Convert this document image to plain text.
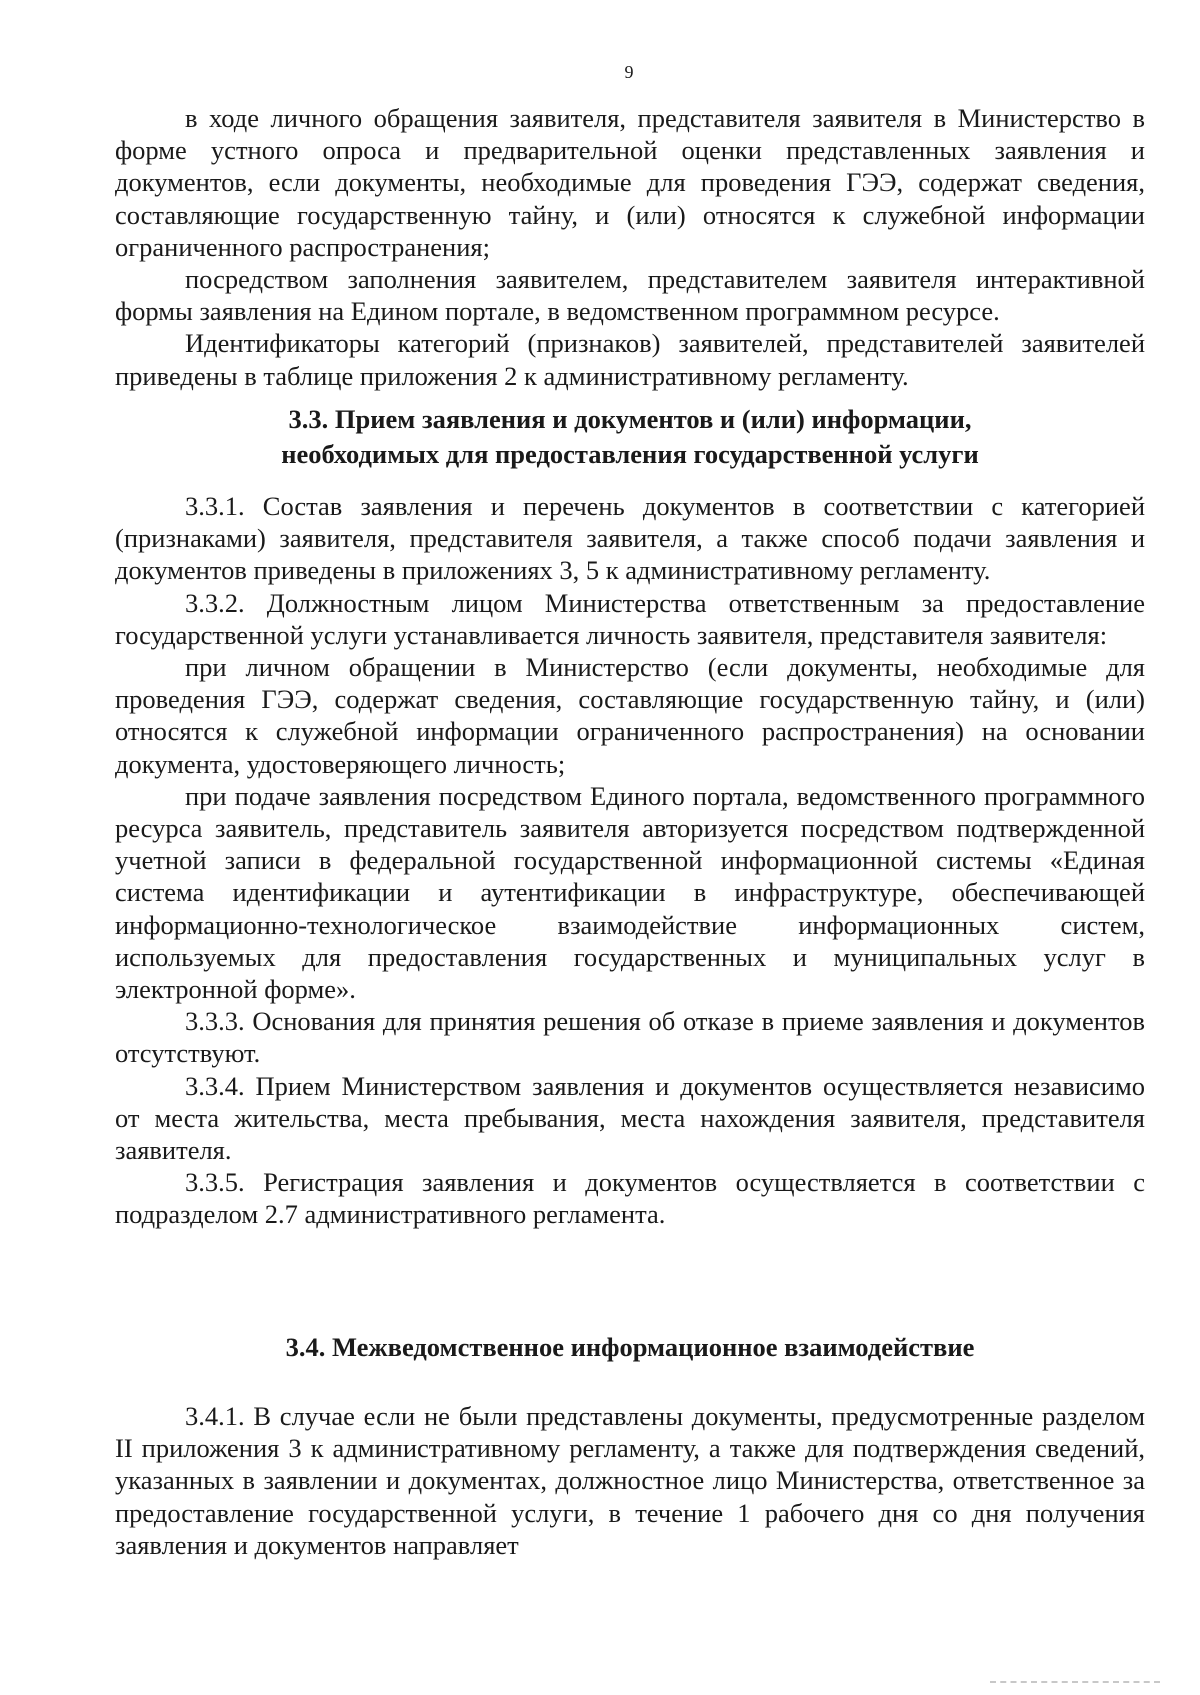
9

в ходе личного обращения заявителя, представителя заявителя в Министерство в форме устного опроса и предварительной оценки представленных заявления и документов, если документы, необходимые для проведения ГЭЭ, содержат сведения, составляющие государственную тайну, и (или) относятся к служебной информации ограниченного распространения;

посредством заполнения заявителем, представителем заявителя интерактивной формы заявления на Едином портале, в ведомственном программном ресурсе.

Идентификаторы категорий (признаков) заявителей, представителей заявителей приведены в таблице приложения 2 к административному регламенту.

3.3. Прием заявления и документов и (или) информации,
необходимых для предоставления государственной услуги

3.3.1. Состав заявления и перечень документов в соответствии с категорией (признаками) заявителя, представителя заявителя, а также способ подачи заявления и документов приведены в приложениях 3, 5 к административному регламенту.

3.3.2. Должностным лицом Министерства ответственным за предоставление государственной услуги устанавливается личность заявителя, представителя заявителя:

при личном обращении в Министерство (если документы, необходимые для проведения ГЭЭ, содержат сведения, составляющие государственную тайну, и (или) относятся к служебной информации ограниченного распространения) на основании документа, удостоверяющего личность;

при подаче заявления посредством Единого портала, ведомственного программного ресурса заявитель, представитель заявителя авторизуется посредством подтвержденной учетной записи в федеральной государственной информационной системы «Единая система идентификации и аутентификации в инфраструктуре, обеспечивающей информационно-технологическое взаимодействие информационных систем, используемых для предоставления государственных и муниципальных услуг в электронной форме».

3.3.3. Основания для принятия решения об отказе в приеме заявления и документов отсутствуют.

3.3.4. Прием Министерством заявления и документов осуществляется независимо от места жительства, места пребывания, места нахождения заявителя, представителя заявителя.

3.3.5. Регистрация заявления и документов осуществляется в соответствии с подразделом 2.7 административного регламента.

3.4. Межведомственное информационное взаимодействие

3.4.1. В случае если не были представлены документы, предусмотренные разделом II приложения 3 к административному регламенту, а также для подтверждения сведений, указанных в заявлении и документах, должностное лицо Министерства, ответственное за предоставление государственной услуги, в течение 1 рабочего дня со дня получения заявления и документов направляет
